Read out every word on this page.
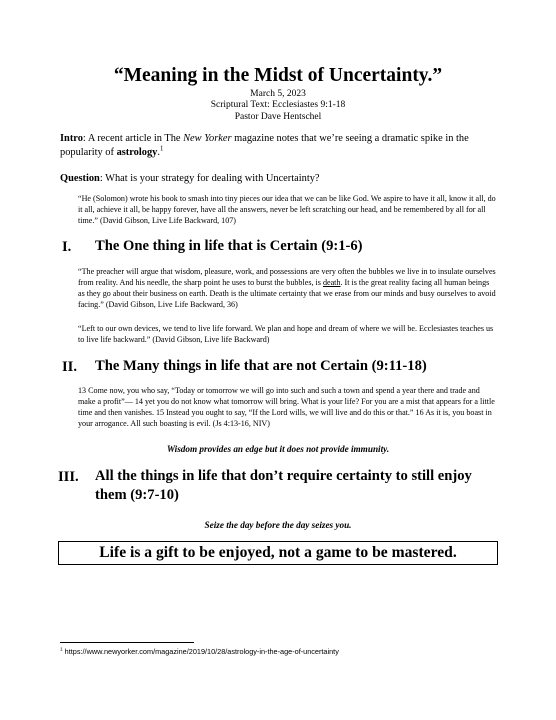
“Meaning in the Midst of Uncertainty.”
March 5, 2023
Scriptural Text: Ecclesiastes 9:1-18
Pastor Dave Hentschel
Intro: A recent article in The New Yorker magazine notes that we’re seeing a dramatic spike in the popularity of astrology.$^1$
Question: What is your strategy for dealing with Uncertainty?
“He (Solomon) wrote his book to smash into tiny pieces our idea that we can be like God. We aspire to have it all, know it all, do it all, achieve it all, be happy forever, have all the answers, never be left scratching our head, and be remembered by all for all time.” (David Gibson, Live Life Backward, 107)
I. The One thing in life that is Certain (9:1-6)
“The preacher will argue that wisdom, pleasure, work, and possessions are very often the bubbles we live in to insulate ourselves from reality. And his needle, the sharp point he uses to burst the bubbles, is death. It is the great reality facing all human beings as they go about their business on earth. Death is the ultimate certainty that we erase from our minds and busy ourselves to avoid facing.” (David Gibson, Live Life Backward, 36)
“Left to our own devices, we tend to live life forward. We plan and hope and dream of where we will be. Ecclesiastes teaches us to live life backward.” (David Gibson, Live life Backward)
II. The Many things in life that are not Certain (9:11-18)
13 Come now, you who say, “Today or tomorrow we will go into such and such a town and spend a year there and trade and make a profit”— 14 yet you do not know what tomorrow will bring. What is your life? For you are a mist that appears for a little time and then vanishes. 15 Instead you ought to say, “If the Lord wills, we will live and do this or that.” 16 As it is, you boast in your arrogance. All such boasting is evil. (Js 4:13-16, NIV)
Wisdom provides an edge but it does not provide immunity.
III. All the things in life that don’t require certainty to still enjoy them (9:7-10)
Seize the day before the day seizes you.
Life is a gift to be enjoyed, not a game to be mastered.
$^1$ https://www.newyorker.com/magazine/2019/10/28/astrology-in-the-age-of-uncertainty
